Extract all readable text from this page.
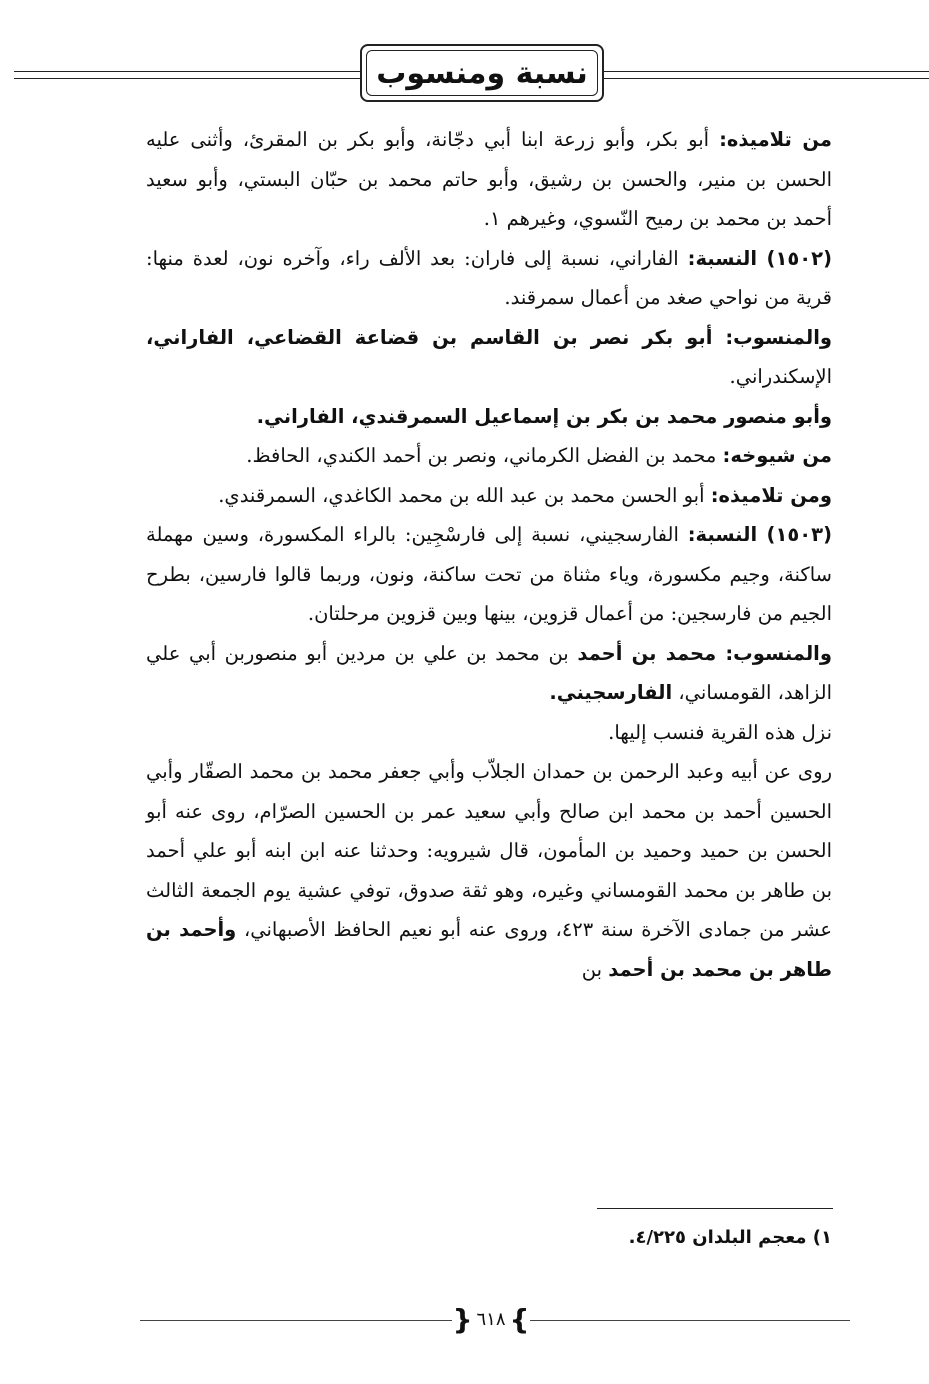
نسبة ومنسوب

من تلاميذه: أبو بكر، وأبو زرعة ابنا أبي دجّانة، وأبو بكر بن المقرئ، وأثنى عليه الحسن بن منير، والحسن بن رشيق، وأبو حاتم محمد بن حبّان البستي، وأبو سعيد أحمد بن محمد بن رميح النّسوي، وغيرهم ١.

(١٥٠٢) النسبة: الفاراني، نسبة إلى فاران: بعد الألف راء، وآخره نون، لعدة منها: قرية من نواحي صغد من أعمال سمرقند.

والمنسوب: أبو بكر نصر بن القاسم بن قضاعة القضاعي، الفاراني، الإسكندراني.

وأبو منصور محمد بن بكر بن إسماعيل السمرقندي، الفاراني.

من شيوخه: محمد بن الفضل الكرماني، ونصر بن أحمد الكندي، الحافظ.

ومن تلاميذه: أبو الحسن محمد بن عبد الله بن محمد الكاغدي، السمرقندي.

(١٥٠٣) النسبة: الفارسجيني، نسبة إلى فارسْجِين: بالراء المكسورة، وسين مهملة ساكنة، وجيم مكسورة، وياء مثناة من تحت ساكنة، ونون، وربما قالوا فارسين، بطرح الجيم من فارسجين: من أعمال قزوين، بينها وبين قزوين مرحلتان.

والمنسوب: محمد بن أحمد بن محمد بن علي بن مردين أبو منصوربن أبي علي الزاهد، القومساني، الفارسجيني.

نزل هذه القرية فنسب إليها.

روى عن أبيه وعبد الرحمن بن حمدان الجلاّب وأبي جعفر محمد بن محمد الصقّار وأبي الحسين أحمد بن محمد ابن صالح وأبي سعيد عمر بن الحسين الصرّام، روى عنه أبو الحسن بن حميد وحميد بن المأمون، قال شيرويه: وحدثنا عنه ابن ابنه أبو علي أحمد بن طاهر بن محمد القومساني وغيره، وهو ثقة صدوق، توفي عشية يوم الجمعة الثالث عشر من جمادى الآخرة سنة ٤٢٣، وروى عنه أبو نعيم الحافظ الأصبهاني، وأحمد بن طاهر بن محمد بن أحمد بن

١) معجم البلدان ٤/٢٢٥.
}
٦١٨
{
